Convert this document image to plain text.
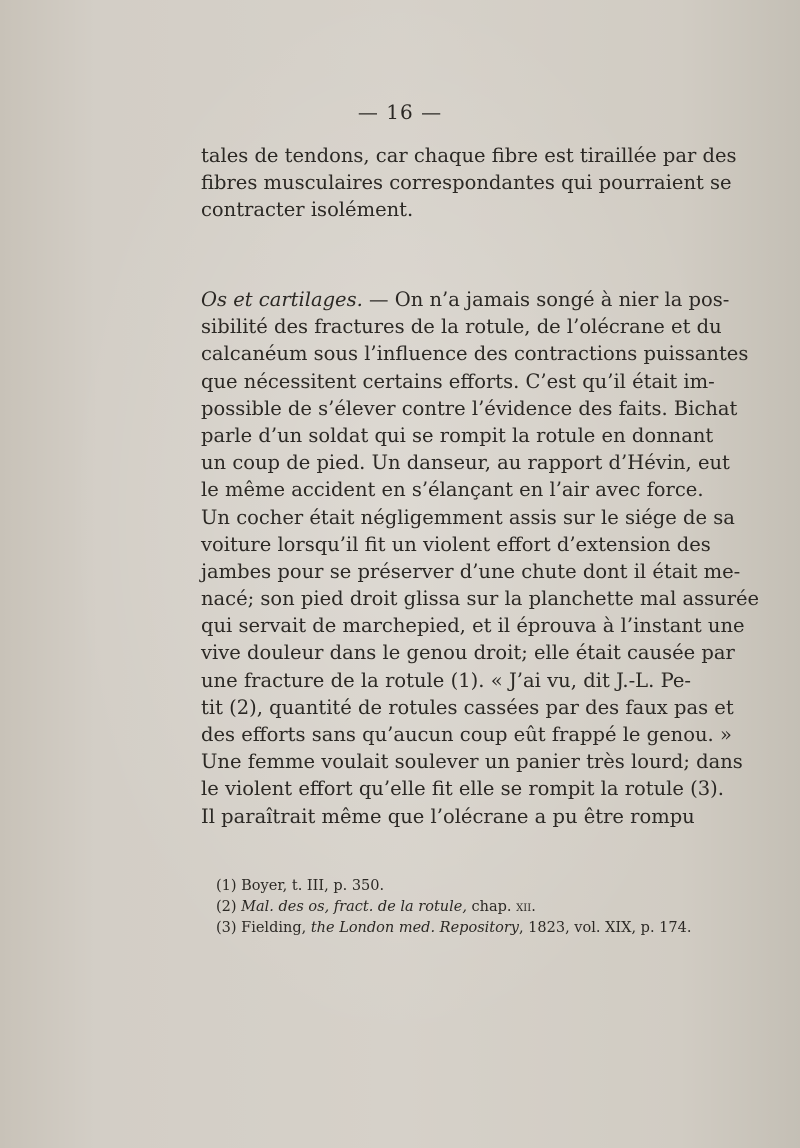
— 16 —
tales de tendons, car chaque fibre est tiraillée par des
fibres musculaires correspondantes qui pourraient se
contracter isolément.
Os et cartilages. — On n’a jamais songé à nier la pos-
sibilité des fractures de la rotule, de l’olécrane et du
calcanéum sous l’influence des contractions puissantes
que nécessitent certains efforts. C’est qu’il était im-
possible de s’élever contre l’évidence des faits. Bichat
parle d’un soldat qui se rompit la rotule en donnant
un coup de pied. Un danseur, au rapport d’Hévin, eut
le même accident en s’élançant en l’air avec force.
Un cocher était négligemment assis sur le siége de sa
voiture lorsqu’il fit un violent effort d’extension des
jambes pour se préserver d’une chute dont il était me-
nacé; son pied droit glissa sur la planchette mal assurée
qui servait de marchepied, et il éprouva à l’instant une
vive douleur dans le genou droit; elle était causée par
une fracture de la rotule (1). « J’ai vu, dit J.-L. Pe-
tit (2), quantité de rotules cassées par des faux pas et
des efforts sans qu’aucun coup eût frappé le genou. »
Une femme voulait soulever un panier très lourd; dans
le violent effort qu’elle fit elle se rompit la rotule (3).
Il paraîtrait même que l’olécrane a pu être rompu
(1) Boyer, t. III, p. 350.
(2) Mal. des os, fract. de la rotule, chap. xii.
(3) Fielding, the London med. Repository, 1823, vol. XIX, p. 174.
